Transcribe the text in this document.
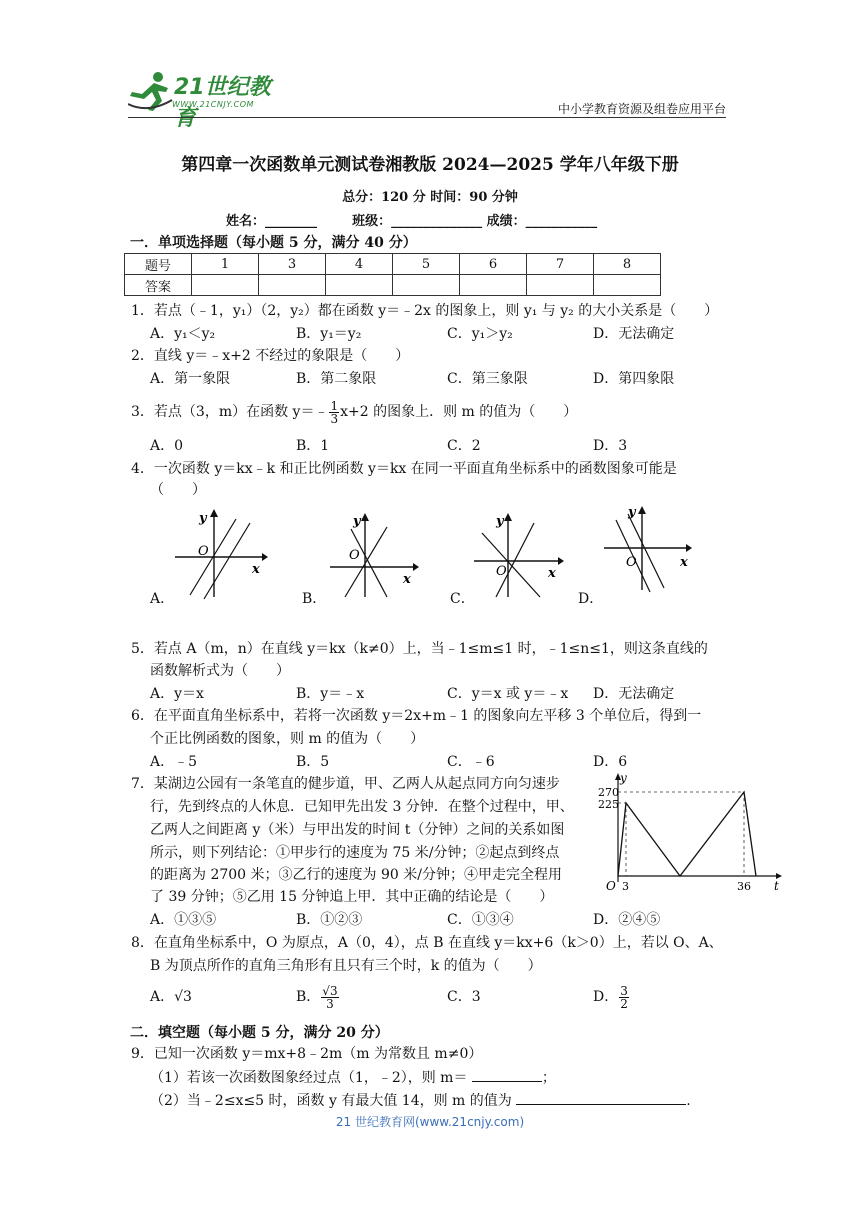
21世纪教育
WWW.21CNJY.COM	中小学教育资源及组卷应用平台
第四章一次函数单元测试卷湘教版 2024—2025 学年八年级下册
总分：120 分 时间：90 分钟
姓名：________	班级：______________ 成绩：___________
一．单项选择题（每小题 5 分，满分 40 分）
题号	1	3	4	5	6	7	8
答案							
1．若点（﹣1，y₁）（2，y₂）都在函数 y＝﹣2x 的图象上，则 y₁ 与 y₂ 的大小关系是（　　）
A．y₁＜y₂	B．y₁＝y₂	C．y₁＞y₂	D．无法确定
2．直线 y＝﹣x+2 不经过的象限是（　　）
A．第一象限	B．第二象限	C．第三象限	D．第四象限
3．若点（3，m）在函数 y＝﹣ $\frac{1}{3} x+2$ 的图象上．则 m 的值为（　　）
A．0	B．1	C．2	D．3
4．一次函数 y＝kx﹣k 和正比例函数 y＝kx 在同一平面直角坐标系中的函数图象可能是
（　　）
y
x
O
A．
y
x
O
B．
y
x
O
C．
y
x
O
D．
5．若点 A（m，n）在直线 y＝kx（k≠0）上，当﹣1≤m≤1 时，﹣1≤n≤1，则这条直线的
函数解析式为（　　）
A．y＝x	B．y＝﹣x	C．y＝x 或 y＝﹣x D．无法确定
6．在平面直角坐标系中，若将一次函数 y＝2x+m﹣1 的图象向左平移 3 个单位后，得到一
个正比例函数的图象，则 m 的值为（　　）
A．﹣5	B．5	C．﹣6	D．6
7．某湖边公园有一条笔直的健步道，甲、乙两人从起点同方向匀速步
行，先到终点的人休息．已知甲先出发 3 分钟．在整个过程中，甲、
乙两人之间距离 y（米）与甲出发的时间 t（分钟）之间的关系如图
所示，则下列结论：①甲步行的速度为 75 米/分钟；②起点到终点
的距离为 2700 米；③乙行的速度为 90 米/分钟；④甲走完全程用
了 39 分钟；⑤乙用 15 分钟追上甲．其中正确的结论是（　　）
y
t
O
270
225
3	36
A．①③⑤	B．①②③	C．①③④	D．②④⑤
8．在直角坐标系中，O 为原点，A（0，4），点 B 在直线 y＝kx+6（k＞0）上，若以 O、A、
B 为顶点所作的直角三角形有且只有三个时，k 的值为（　　）
A．√3	B． $\frac{√3}{3}$	C．3	D． $\frac{3}{2}$
二．填空题（每小题 5 分，满分 20 分）
9．已知一次函数 y＝mx+8﹣2m（m 为常数且 m≠0）
（1）若该一次函数图象经过点（1，﹣2），则 m＝	；
（2）当﹣2≤x≤5 时，函数 y 有最大值 14，则 m 的值为	.
21 世纪教育网(www.21cnjy.com)
